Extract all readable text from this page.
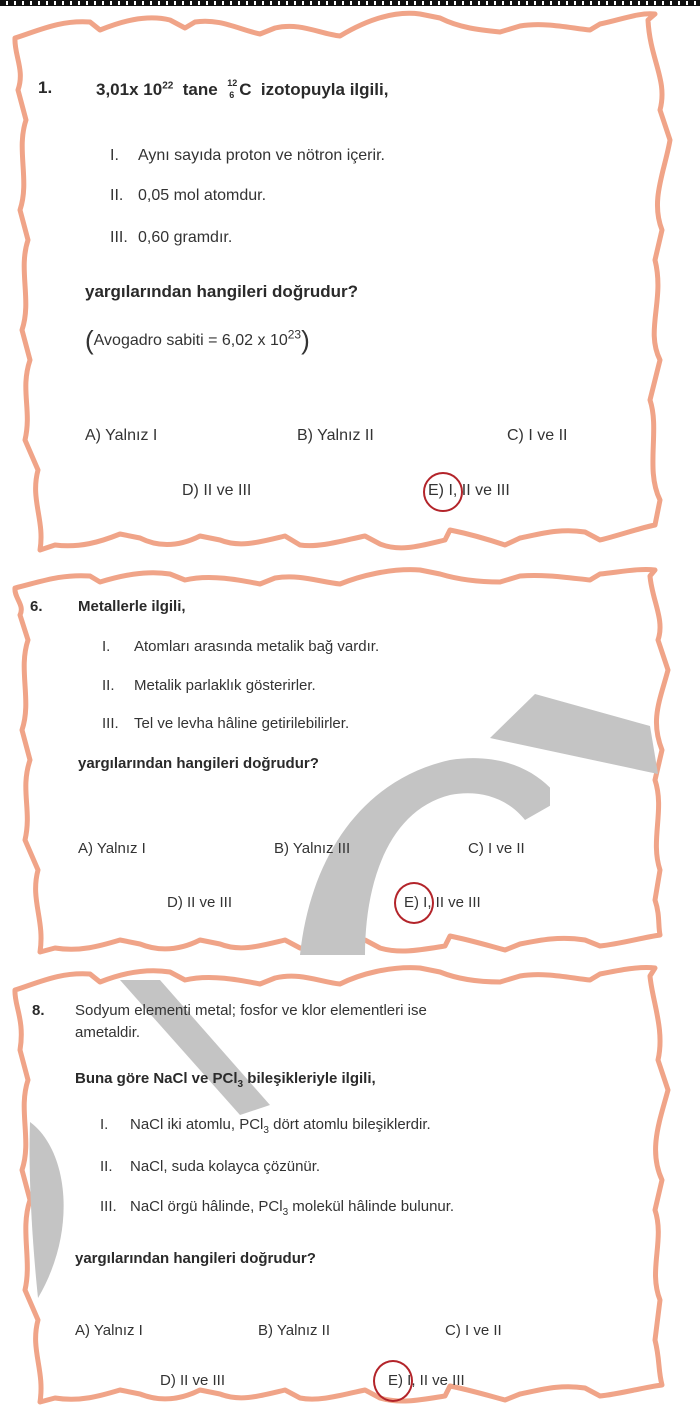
1.	3,01x $10^{22}$ tane 12
6 C izotopuyla ilgili,
I. Aynı sayıda proton ve nötron içerir.
II. 0,05 mol atomdur.
III. 0,60 gramdır.
yargılarından hangileri doğrudur?
(Avogadro sabiti = 6,02 x $10^{23}$)
A) Yalnız I	B) Yalnız II	C) I ve II
D) II ve III	E) I, II ve III
6. Metallerle ilgili,
I. Atomları arasında metalik bağ vardır.
II. Metalik parlaklık gösterirler.
III. Tel ve levha hâline getirilebilirler.
yargılarından hangileri doğrudur?
A) Yalnız I	B) Yalnız III	C) I ve II
D) II ve III	E) I, II ve III
8. Sodyum elementi metal; fosfor ve klor elementleri ise
ametaldir.
Buna göre NaCl ve PCl$_3$ bileşikleriyle ilgili,
I. NaCl iki atomlu, PCl$_3$ dört atomlu bileşiklerdir.
II. NaCl, suda kolayca çözünür.
III. NaCl örgü hâlinde, PCl$_3$ molekül hâlinde bulunur.
yargılarından hangileri doğrudur?
A) Yalnız I	B) Yalnız II	C) I ve II
D) II ve III	E) I, II ve III
